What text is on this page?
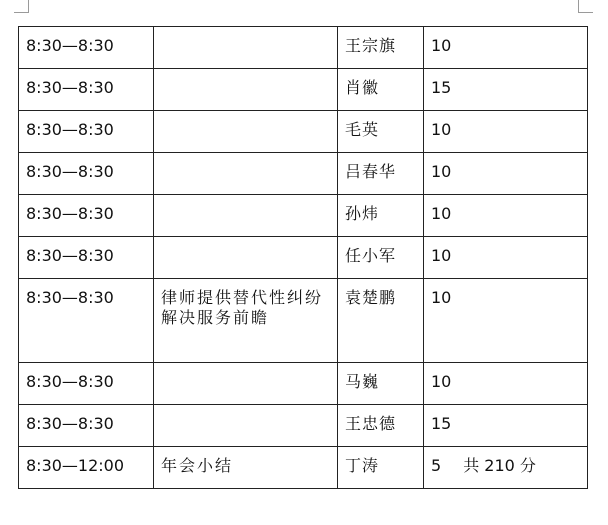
8:30—8:30		王宗旗	10
8:30—8:30		肖徽	15
8:30—8:30		毛英	10
8:30—8:30		吕春华	10
8:30—8:30		孙炜	10
8:30—8:30		任小军	10
8:30—8:30	律师提供替代性纠纷解决服务前瞻	袁楚鹏	10
8:30—8:30		马巍	10
8:30—8:30		王忠德	15
8:30—12:00	年会小结	丁涛	5 共 210 分
